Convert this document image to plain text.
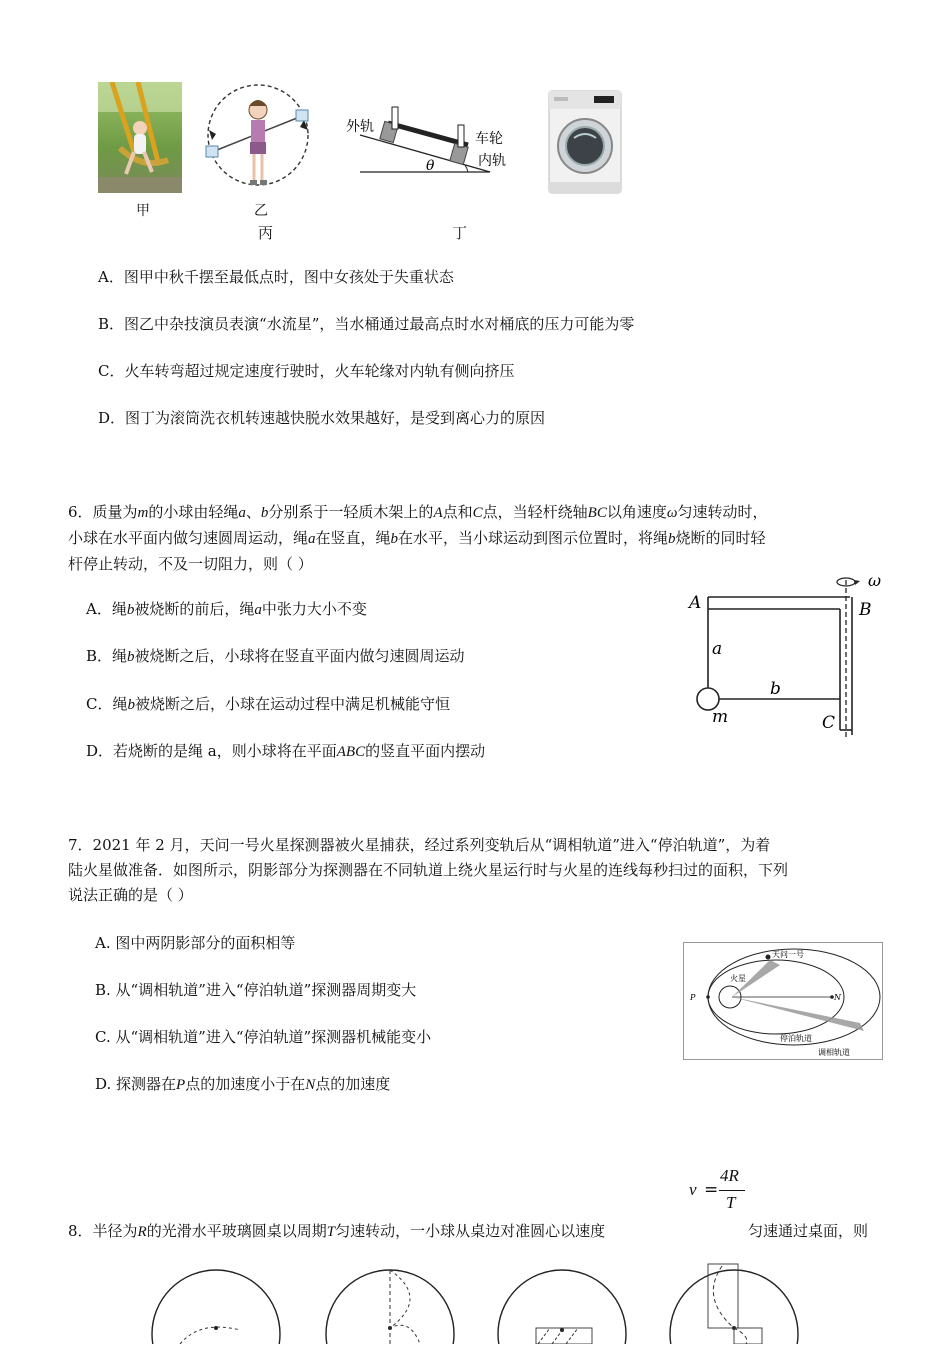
甲	乙
丙
θ
外轨
车轮
内轨
丁
A．图甲中秋千摆至最低点时，图中女孩处于失重状态
B．图乙中杂技演员表演“水流星”，当水桶通过最高点时水对桶底的压力可能为零
C．火车转弯超过规定速度行驶时，火车轮缘对内轨有侧向挤压
D．图丁为滚筒洗衣机转速越快脱水效果越好，是受到离心力的原因
6．质量为m的小球由轻绳a、b分别系于一轻质木架上的A点和C点，当轻杆绕轴BC以角速度ω匀速转动时，
小球在水平面内做匀速圆周运动，绳a在竖直，绳b在水平，当小球运动到图示位置时，将绳b烧断的同时轻
杆停止转动，不及一切阻力，则（ ）
A．绳b被烧断的前后，绳a中张力大小不变
B．绳b被烧断之后，小球将在竖直平面内做匀速圆周运动
C．绳b被烧断之后，小球在运动过程中满足机械能守恒
D．若烧断的是绳 a，则小球将在平面ABC的竖直平面内摆动
A	B
C
a
b
m
ω
7．2021 年 2 月，天问一号火星探测器被火星捕获，经过系列变轨后从“调相轨道”进入“停泊轨道”，为着
陆火星做准备．如图所示，阴影部分为探测器在不同轨道上绕火星运行时与火星的连线每秒扫过的面积，下列
说法正确的是（ ）
A. 图中两阴影部分的面积相等
B. 从“调相轨道”进入“停泊轨道”探测器周期变大
C. 从“调相轨道”进入“停泊轨道”探测器机械能变小
D. 探测器在P点的加速度小于在N点的加速度
天问一号
火星
P	N
停泊轨道
调相轨道
v =
4R
T
8．半径为R的光滑水平玻璃圆桌以周期T匀速转动，一小球从桌边对准圆心以速度	匀速通过桌面，则
